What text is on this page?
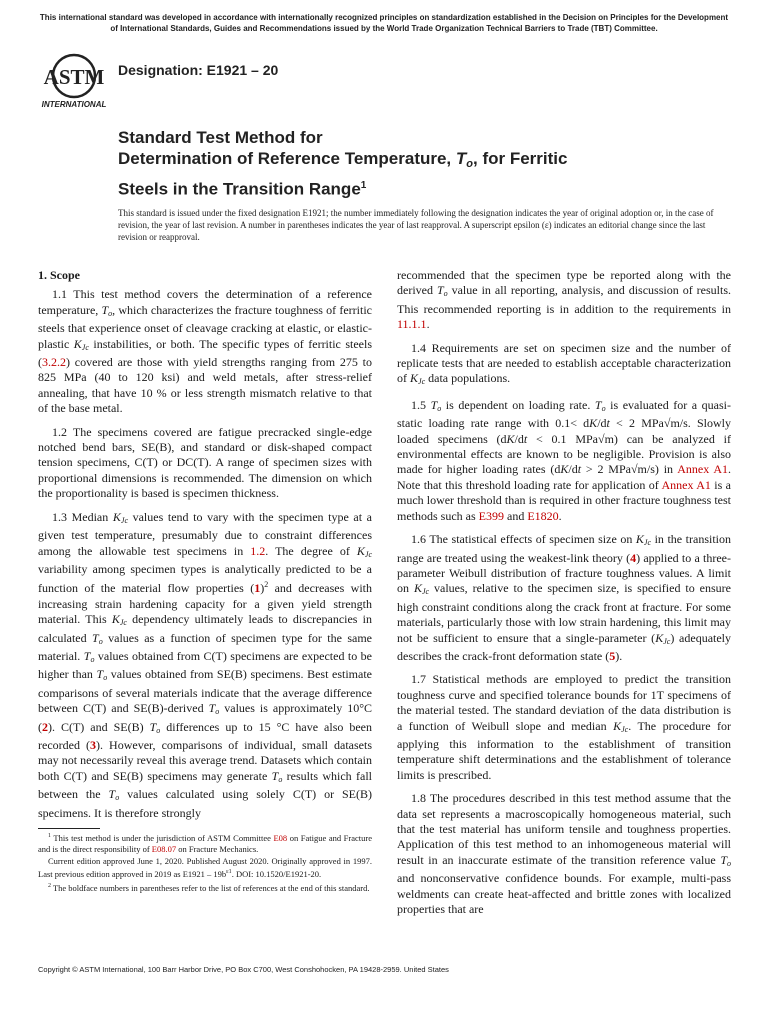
This international standard was developed in accordance with internationally recognized principles on standardization established in the Decision on Principles for the Development of International Standards, Guides and Recommendations issued by the World Trade Organization Technical Barriers to Trade (TBT) Committee.
ASTM
INTERNATIONAL
Designation: E1921 – 20
Standard Test Method for
Determination of Reference Temperature, $T_o$, for Ferritic
Steels in the Transition Range$^1$
This standard is issued under the fixed designation E1921; the number immediately following the designation indicates the year of original adoption or, in the case of revision, the year of last revision. A number in parentheses indicates the year of last reapproval. A superscript epsilon (ε) indicates an editorial change since the last revision or reapproval.
1. Scope

1.1 This test method covers the determination of a reference temperature, $T_o$, which characterizes the fracture toughness of ferritic steels that experience onset of cleavage cracking at elastic, or elastic-plastic $K_{Jc}$ instabilities, or both. The specific types of ferritic steels (3.2.2) covered are those with yield strengths ranging from 275 to 825 MPa (40 to 120 ksi) and weld metals, after stress-relief annealing, that have 10 % or less strength mismatch relative to that of the base metal.

1.2 The specimens covered are fatigue precracked single-edge notched bend bars, SE(B), and standard or disk-shaped compact tension specimens, C(T) or DC(T). A range of specimen sizes with proportional dimensions is recommended. The dimension on which the proportionality is based is specimen thickness.

1.3 Median $K_{Jc}$ values tend to vary with the specimen type at a given test temperature, presumably due to constraint differences among the allowable test specimens in 1.2. The degree of $K_{Jc}$ variability among specimen types is analytically predicted to be a function of the material flow properties $(1)^2$ and decreases with increasing strain hardening capacity for a given yield strength material. This $K_{Jc}$ dependency ultimately leads to discrepancies in calculated $T_o$ values as a function of specimen type for the same material. $T_o$ values obtained from C(T) specimens are expected to be higher than $T_o$ values obtained from SE(B) specimens. Best estimate comparisons of several materials indicate that the average difference between C(T) and SE(B)-derived $T_o$ values is approximately 10°C (2). C(T) and SE(B) $T_o$ differences up to 15 °C have also been recorded (3). However, comparisons of individual, small datasets may not necessarily reveal this average trend. Datasets which contain both C(T) and SE(B) specimens may generate $T_o$ results which fall between the $T_o$ values calculated using solely C(T) or SE(B) specimens. It is therefore strongly

$^1$ This test method is under the jurisdiction of ASTM Committee E08 on Fatigue and Fracture and is the direct responsibility of E08.07 on Fracture Mechanics.

Current edition approved June 1, 2020. Published August 2020. Originally approved in 1997. Last previous edition approved in 2019 as $E1921 - 19b^{\varepsilon 1}$. DOI: 10.1520/E1921-20.

$^2$ The boldface numbers in parentheses refer to the list of references at the end of this standard.

recommended that the specimen type be reported along with the derived $T_o$ value in all reporting, analysis, and discussion of results. This recommended reporting is in addition to the requirements in 11.1.1.

1.4 Requirements are set on specimen size and the number of replicate tests that are needed to establish acceptable characterization of $K_{Jc}$ data populations.

1.5 $T_o$ is dependent on loading rate. $T_o$ is evaluated for a quasi-static loading rate range with 0.1< dK/dt < 2 MPa√m/s. Slowly loaded specimens (dK/dt < 0.1 MPa√m) can be analyzed if environmental effects are known to be negligible. Provision is also made for higher loading rates (dK/dt > 2 MPa√m/s) in Annex A1. Note that this threshold loading rate for application of Annex A1 is a much lower threshold than is required in other fracture toughness test methods such as E399 and E1820.

1.6 The statistical effects of specimen size on $K_{Jc}$ in the transition range are treated using the weakest-link theory (4) applied to a three-parameter Weibull distribution of fracture toughness values. A limit on $K_{Jc}$ values, relative to the specimen size, is specified to ensure high constraint conditions along the crack front at fracture. For some materials, particularly those with low strain hardening, this limit may not be sufficient to ensure that a single-parameter $(K_{Jc})$ adequately describes the crack-front deformation state (5).

1.7 Statistical methods are employed to predict the transition toughness curve and specified tolerance bounds for 1T specimens of the material tested. The standard deviation of the data distribution is a function of Weibull slope and median $K_{Jc}$. The procedure for applying this information to the establishment of transition temperature shift determinations and the establishment of tolerance limits is prescribed.

1.8 The procedures described in this test method assume that the data set represents a macroscopically homogeneous material, such that the test material has uniform tensile and toughness properties. Application of this test method to an inhomogeneous material will result in an inaccurate estimate of the transition reference value $T_o$ and nonconservative confidence bounds. For example, multi-pass weldments can create heat-affected and brittle zones with localized properties that are

Copyright © ASTM International, 100 Barr Harbor Drive, PO Box C700, West Conshohocken, PA 19428-2959. United States
